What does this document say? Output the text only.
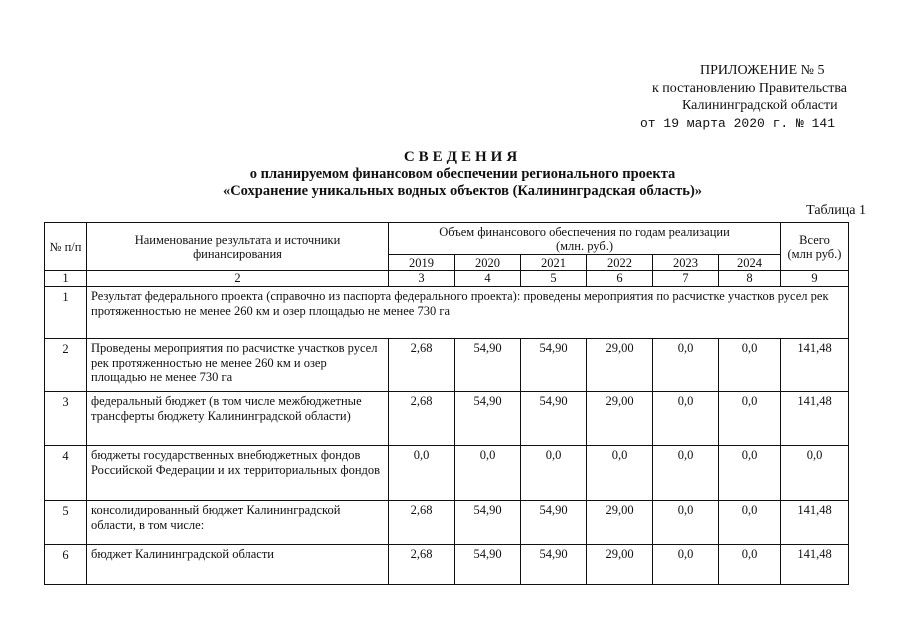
ПРИЛОЖЕНИЕ № 5
к постановлению Правительства
Калининградской области
от 19 марта 2020 г. № 141
СВЕДЕНИЯ
о планируемом финансовом обеспечении регионального проекта
«Сохранение уникальных водных объектов (Калининградская область)»
Таблица 1
№ п/п	Наименование результата и источники финансирования	Объем финансового обеспечения по годам реализации (млн. руб.)						Всего (млн руб.)
		2019	2020	2021	2022	2023	2024	
1	2	3	4	5	6	7	8	9
1	Результат федерального проекта (справочно из паспорта федерального проекта): проведены мероприятия по расчистке участков русел рек протяженностью не менее 260 км и озер площадью не менее 730 га							
2	Проведены мероприятия по расчистке участков русел рек протяженностью не менее 260 км и озер площадью не менее 730 га	2,68	54,90	54,90	29,00	0,0	0,0	141,48
3	федеральный бюджет (в том числе межбюджетные трансферты бюджету Калининградской области)	2,68	54,90	54,90	29,00	0,0	0,0	141,48
4	бюджеты государственных внебюджетных фондов Российской Федерации и их территориальных фондов	0,0	0,0	0,0	0,0	0,0	0,0	0,0
5	консолидированный бюджет Калининградской области, в том числе:	2,68	54,90	54,90	29,00	0,0	0,0	141,48
6	бюджет Калининградской области	2,68	54,90	54,90	29,00	0,0	0,0	141,48
